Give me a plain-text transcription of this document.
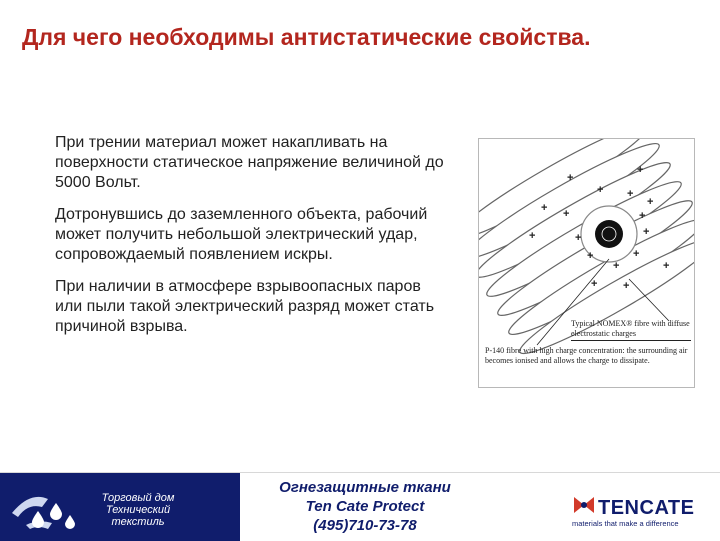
Для чего необходимы антистатические свойства.

При трении материал может накапливать на поверхности статическое напряжение величиной до 5000 Вольт.

Дотронувшись до заземленного объекта, рабочий может получить небольшой электрический удар, сопровождаемый появлением искры.

При наличии в атмосфере взрывоопасных паров или пыли такой электрический разряд может стать причиной взрыва.

+
+
+
+ +
+
+
+
+
+
+
+
+
+
+ +
+
Typical NOMEX® fibre with diffuse electrostatic charges
P-140 fibre with high charge concentration: the surrounding air becomes ionised and allows the charge to dissipate.
Торговый дом Технический текстиль
Огнезащитные ткани
Ten Cate Protect
(495)710-73-78
TENCATE
materials that make a difference
